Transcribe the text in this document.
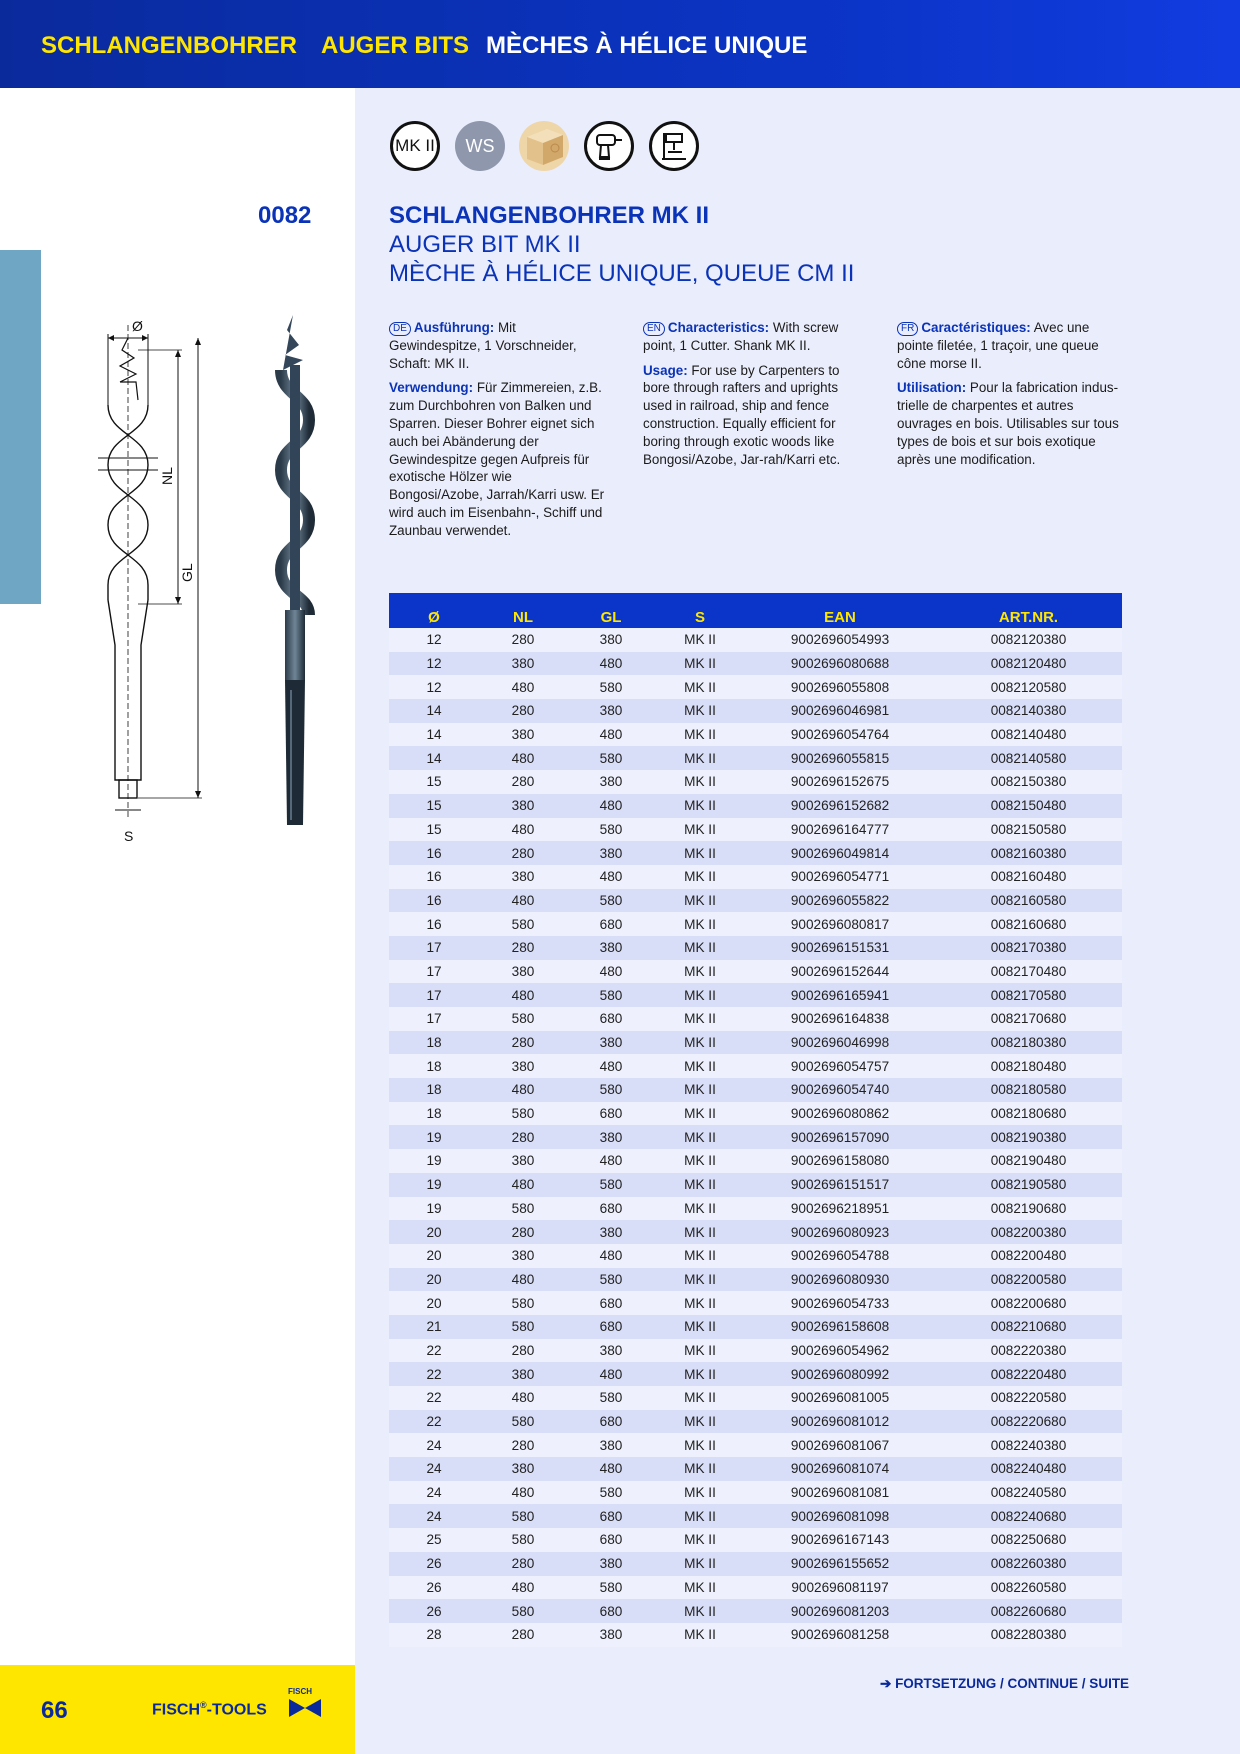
SCHLANGENBOHRER AUGER BITS MÈCHES À HÉLICE UNIQUE
MK II WS
0082	SCHLANGENBOHRER MK II
AUGER BIT MK II
MÈCHE À HÉLICE UNIQUE, QUEUE CM II
Ø
S
NL
GL

DE Ausführung: Mit Gewindespitze, 1 Vorschneider, Schaft: MK II.

Verwendung: Für Zimmereien, z.B. zum Durchbohren von Balken und Sparren. Dieser Bohrer eignet sich auch bei Abänderung der Gewindespitze gegen Aufpreis für exotische Hölzer wie Bongosi/Azobe, Jarrah/Karri usw. Er wird auch im Eisenbahn-, Schiff und Zaunbau verwendet.

EN Characteristics: With screw point, 1 Cutter. Shank MK II.

Usage: For use by Carpenters to bore through rafters and uprights used in railroad, ship and fence construction. Equally efficient for boring through exotic woods like Bongosi/Azobe, Jar-rah/Karri etc.

FR Caractéristiques: Avec une pointe filetée, 1 traçoir, une queue cône morse II.

Utilisation: Pour la fabrication indus-trielle de charpentes et autres ouvrages en bois. Utilisables sur tous types de bois et sur bois exotique après une modification.

Ø	NL	GL	S	EAN	ART.NR.
12	280	380	MK II	9002696054993	0082120380
12	380	480	MK II	9002696080688	0082120480
12	480	580	MK II	9002696055808	0082120580
14	280	380	MK II	9002696046981	0082140380
14	380	480	MK II	9002696054764	0082140480
14	480	580	MK II	9002696055815	0082140580
15	280	380	MK II	9002696152675	0082150380
15	380	480	MK II	9002696152682	0082150480
15	480	580	MK II	9002696164777	0082150580
16	280	380	MK II	9002696049814	0082160380
16	380	480	MK II	9002696054771	0082160480
16	480	580	MK II	9002696055822	0082160580
16	580	680	MK II	9002696080817	0082160680
17	280	380	MK II	9002696151531	0082170380
17	380	480	MK II	9002696152644	0082170480
17	480	580	MK II	9002696165941	0082170580
17	580	680	MK II	9002696164838	0082170680
18	280	380	MK II	9002696046998	0082180380
18	380	480	MK II	9002696054757	0082180480
18	480	580	MK II	9002696054740	0082180580
18	580	680	MK II	9002696080862	0082180680
19	280	380	MK II	9002696157090	0082190380
19	380	480	MK II	9002696158080	0082190480
19	480	580	MK II	9002696151517	0082190580
19	580	680	MK II	9002696218951	0082190680
20	280	380	MK II	9002696080923	0082200380
20	380	480	MK II	9002696054788	0082200480
20	480	580	MK II	9002696080930	0082200580
20	580	680	MK II	9002696054733	0082200680
21	580	680	MK II	9002696158608	0082210680
22	280	380	MK II	9002696054962	0082220380
22	380	480	MK II	9002696080992	0082220480
22	480	580	MK II	9002696081005	0082220580
22	580	680	MK II	9002696081012	0082220680
24	280	380	MK II	9002696081067	0082240380
24	380	480	MK II	9002696081074	0082240480
24	480	580	MK II	9002696081081	0082240580
24	580	680	MK II	9002696081098	0082240680
25	580	680	MK II	9002696167143	0082250680
26	280	380	MK II	9002696155652	0082260380
26	480	580	MK II	9002696081197	0082260580
26	580	680	MK II	9002696081203	0082260680
28	280	380	MK II	9002696081258	0082280380
66	FISCH®-TOOLS
FISCH
➔ FORTSETZUNG / CONTINUE / SUITE
